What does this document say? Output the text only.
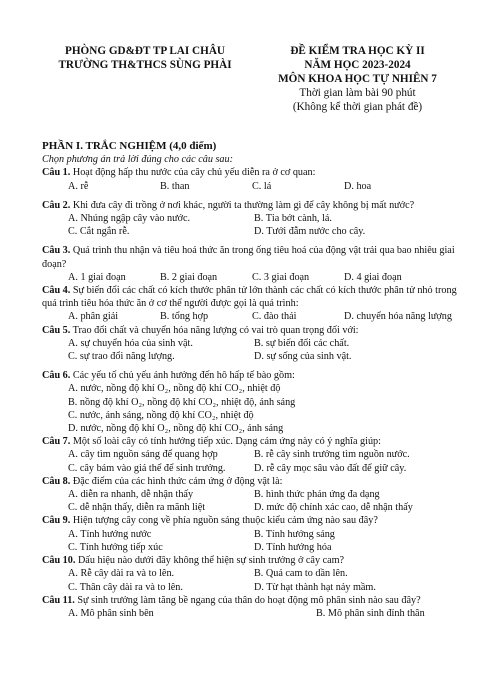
PHÒNG GD&ĐT TP LAI CHÂU
TRƯỜNG TH&THCS SÙNG PHÀI
ĐỀ KIỂM TRA HỌC KỲ II
NĂM HỌC 2023-2024
MÔN KHOA HỌC TỰ NHIÊN 7
Thời gian làm bài 90 phút
(Không kể thời gian phát đề)

PHẦN I. TRẮC NGHIỆM (4,0 điểm)

Chọn phương án trả lời đúng cho các câu sau:

Câu 1. Hoạt động hấp thu nước của cây chủ yếu diễn ra ở cơ quan:

A. rễ	B. than	C. lá	D. hoa

Câu 2. Khi đưa cây đi trồng ở nơi khác, người ta thường làm gì để cây không bị mất nước?

A. Nhúng ngập cây vào nước.	B. Tỉa bớt cành, lá.
C. Cắt ngắn rễ.	D. Tưới đẫm nước cho cây.

Câu 3. Quá trình thu nhận và tiêu hoá thức ăn trong ống tiêu hoá của động vật trải qua bao nhiêu giai đoạn?

A. 1 giai đoạn	B. 2 giai đoạn	C. 3 giai đoạn	D. 4 giai đoạn

Câu 4. Sự biến đổi các chất có kích thước phân tử lớn thành các chất có kích thước phân tử nhỏ trong quá trình tiêu hóa thức ăn ở cơ thể người được gọi là quá trình:

A. phân giải	B. tổng hợp	C. đào thải	D. chuyển hóa năng lượng

Câu 5. Trao đổi chất và chuyển hóa năng lượng có vai trò quan trọng đối với:

A. sự chuyển hóa của sinh vật.	B. sự biến đổi các chất.
C. sự trao đổi năng lượng.	D. sự sống của sinh vật.

Câu 6. Các yếu tố chủ yếu ảnh hưởng đến hô hấp tế bào gồm:

A. nước, nồng độ khí O₂, nồng độ khí CO₂, nhiệt độ

B. nồng độ khí O₂, nồng độ khí CO₂, nhiệt độ, ánh sáng

C. nước, ánh sáng, nồng độ khí CO₂, nhiệt độ

D. nước, nồng độ khí O₂, nồng độ khí CO₂, ánh sáng

Câu 7. Một số loài cây có tính hướng tiếp xúc. Dạng cảm ứng này có ý nghĩa giúp:

A. cây tìm nguồn sáng để quang hợp	B. rễ cây sinh trưởng tìm nguồn nước.
C. cây bám vào giá thể để sinh trưởng.	D. rễ cây mọc sâu vào đất để giữ cây.

Câu 8. Đặc điểm của các hình thức cảm ứng ở động vật là:

A. diễn ra nhanh, dễ nhận thấy	B. hình thức phản ứng đa dạng
C. dễ nhận thấy, diễn ra mãnh liệt	D. mức độ chính xác cao, dễ nhận thấy

Câu 9. Hiện tượng cây cong về phía nguồn sáng thuộc kiểu cảm ứng nào sau đây?

A. Tính hướng nước	B. Tính hướng sáng
C. Tính hướng tiếp xúc	D. Tính hướng hóa

Câu 10. Dấu hiệu nào dưới đây không thể hiện sự sinh trưởng ở cây cam?

A. Rễ cây dài ra và to lên.	B. Quả cam to dần lên.
C. Thân cây dài ra và to lên.	D. Từ hạt thành hạt nảy mầm.

Câu 11. Sự sinh trưởng làm tăng bề ngang của thân do hoạt động mô phân sinh nào sau đây?

A. Mô phân sinh bên	B. Mô phân sinh đỉnh thân
